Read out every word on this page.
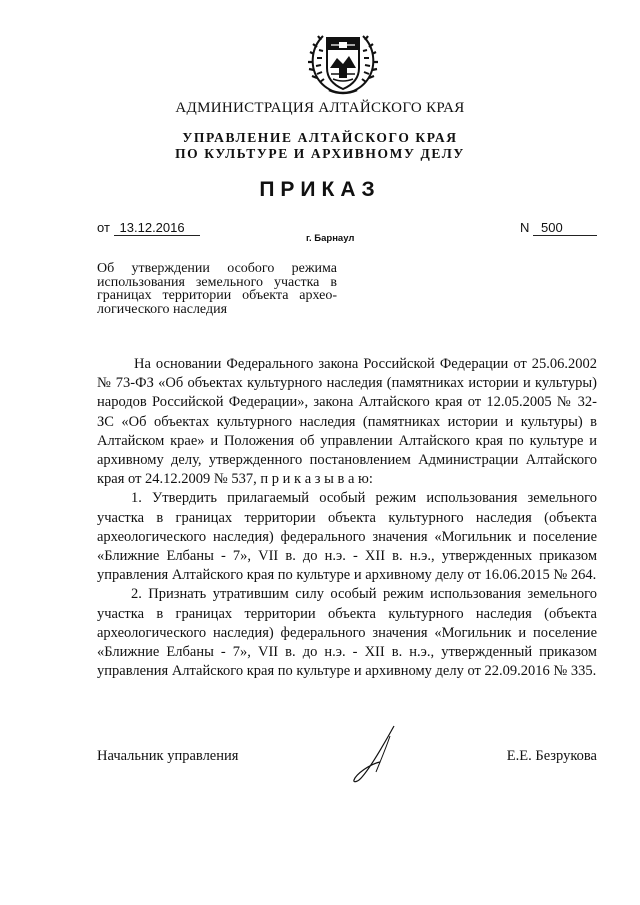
АДМИНИСТРАЦИЯ АЛТАЙСКОГО КРАЯ
УПРАВЛЕНИЕ АЛТАЙСКОГО КРАЯ
ПО КУЛЬТУРЕ И АРХИВНОМУ ДЕЛУ
ПРИКАЗ
от 13.12.2016	N 500
г. Барнаул
Об утверждении особого режима
использования земельного участка в
границах территории объекта архео-
логического наследия

На основании Федерального закона Российской Федерации от 25.06.2002 № 73-ФЗ «Об объектах культурного наследия (памятниках истории и культуры) народов Российской Федерации», закона Алтайского края от 12.05.2005 № 32-ЗС «Об объектах культурного наследия (памятниках истории и культуры) в Алтайском крае» и Положения об управлении Алтайского края по культуре и архивному делу, утвержденного постановлением Администрации Алтайского края от 24.12.2009 № 537, п р и к а з ы в а ю:

1. Утвердить прилагаемый особый режим использования земельного участка в границах территории объекта культурного наследия (объекта археологического наследия) федерального значения «Могильник и поселение «Ближние Елбаны - 7», VII в. до н.э. - XII в. н.э., утвержденных приказом управления Алтайского края по культуре и архивному делу от 16.06.2015 № 264.

2. Признать утратившим силу особый режим использования земельного участка в границах территории объекта культурного наследия (объекта археологического наследия) федерального значения «Могильник и поселение «Ближние Елбаны - 7», VII в. до н.э. - XII в. н.э., утвержденный приказом управления Алтайского края по культуре и архивному делу от 22.09.2016 № 335.

Начальник управления	Е.Е. Безрукова
